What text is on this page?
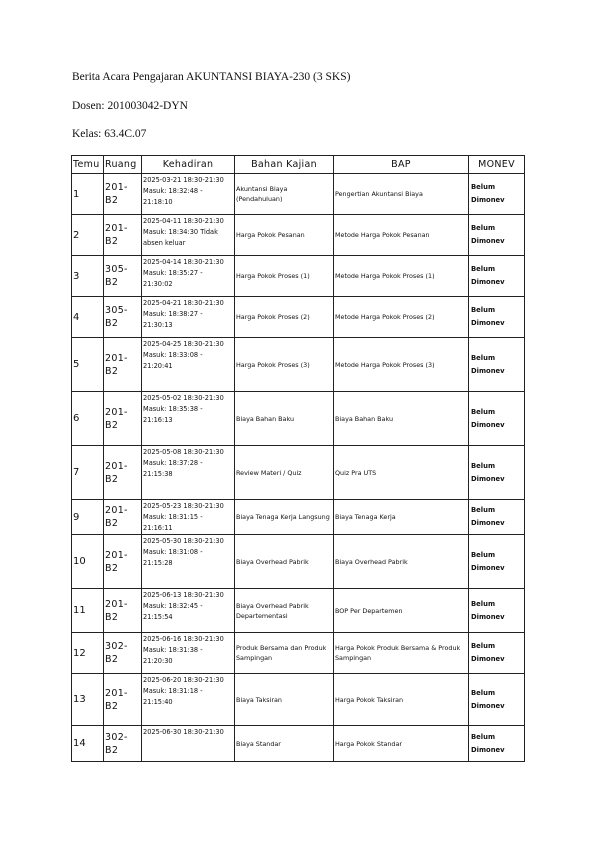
Berita Acara Pengajaran AKUNTANSI BIAYA-230 (3 SKS)
Dosen: 201003042-DYN
Kelas: 63.4C.07
Temu	Ruang	Kehadiran	Bahan Kajian	BAP	MONEV
1	201-B2	2025-03-21 18:30-21:30 Masuk: 18:32:48 - 21:18:10	Akuntansi Biaya (Pendahuluan)	Pengertian Akuntansi Biaya	Belum Dimonev
2	201-B2	2025-04-11 18:30-21:30 Masuk: 18:34:30 Tidak absen keluar	Harga Pokok Pesanan	Metode Harga Pokok Pesanan	Belum Dimonev
3	305-B2	2025-04-14 18:30-21:30 Masuk: 18:35:27 - 21:30:02	Harga Pokok Proses (1)	Metode Harga Pokok Proses (1)	Belum Dimonev
4	305-B2	2025-04-21 18:30-21:30 Masuk: 18:38:27 - 21:30:13	Harga Pokok Proses (2)	Metode Harga Pokok Proses (2)	Belum Dimonev
5	201-B2	2025-04-25 18:30-21:30 Masuk: 18:33:08 - 21:20:41	Harga Pokok Proses (3)	Metode Harga Pokok Proses (3)	Belum Dimonev
6	201-B2	2025-05-02 18:30-21:30 Masuk: 18:35:38 - 21:16:13	Biaya Bahan Baku	Biaya Bahan Baku	Belum Dimonev
7	201-B2	2025-05-08 18:30-21:30 Masuk: 18:37:28 - 21:15:38	Review Materi / Quiz	Quiz Pra UTS	Belum Dimonev
9	201-B2	2025-05-23 18:30-21:30 Masuk: 18:31:15 - 21:16:11	Biaya Tenaga Kerja Langsung	Biaya Tenaga Kerja	Belum Dimonev
10	201-B2	2025-05-30 18:30-21:30 Masuk: 18:31:08 - 21:15:28	Biaya Overhead Pabrik	Biaya Overhead Pabrik	Belum Dimonev
11	201-B2	2025-06-13 18:30-21:30 Masuk: 18:32:45 - 21:15:54	Biaya Overhead Pabrik Departementasi	BOP Per Departemen	Belum Dimonev
12	302-B2	2025-06-16 18:30-21:30 Masuk: 18:31:38 - 21:20:30	Produk Bersama dan Produk Sampingan	Harga Pokok Produk Bersama & Produk Sampingan	Belum Dimonev
13	201-B2	2025-06-20 18:30-21:30 Masuk: 18:31:18 - 21:15:40	Biaya Taksiran	Harga Pokok Taksiran	Belum Dimonev
14	302-B2	2025-06-30 18:30-21:30	Biaya Standar	Harga Pokok Standar	Belum Dimonev
